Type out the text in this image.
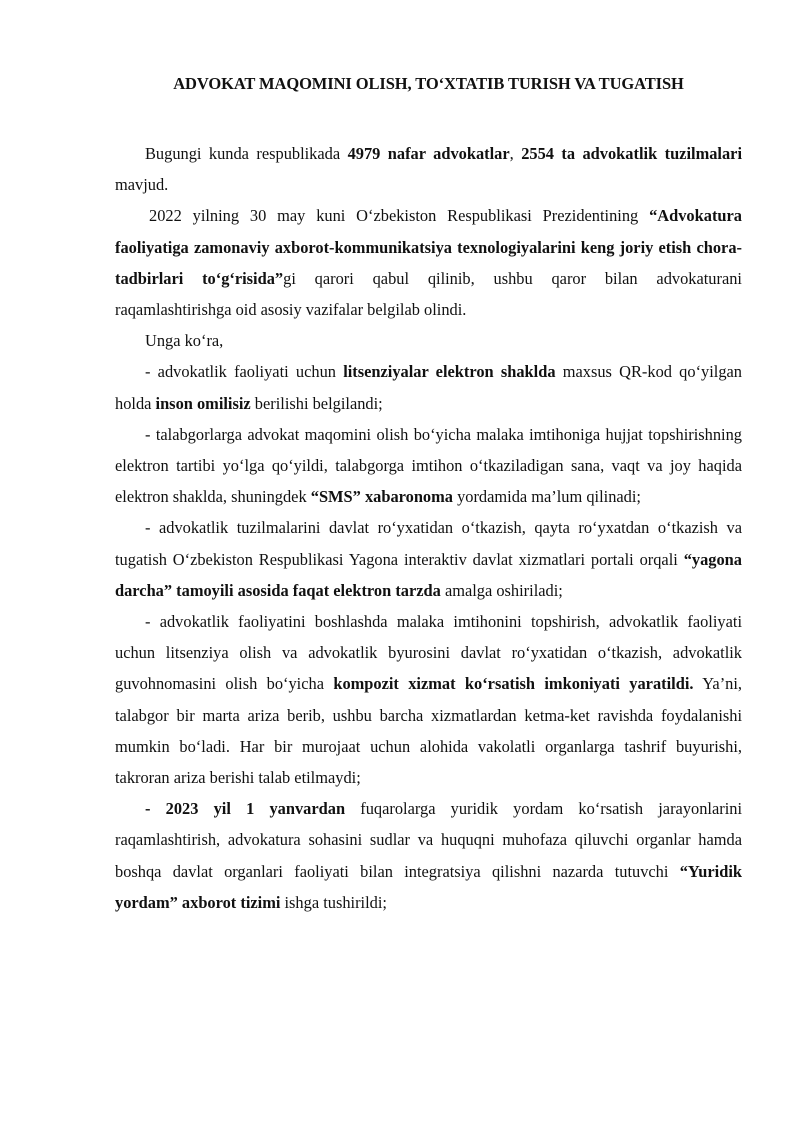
ADVOKAT MAQOMINI OLISH, TO‘XTATIB TURISH VA TUGATISH

Bugungi kunda respublikada 4979 nafar advokatlar, 2554 ta advokatlik tuzilmalari mavjud.

2022 yilning 30 may kuni O‘zbekiston Respublikasi Prezidentining “Advokatura faoliyatiga zamonaviy axborot-kommunikatsiya texnologiyalarini keng joriy etish chora-tadbirlari to‘g‘risida”gi qarori qabul qilinib, ushbu qaror bilan advokaturani raqamlashtirishga oid asosiy vazifalar belgilab olindi.

Unga ko‘ra,

- advokatlik faoliyati uchun litsenziyalar elektron shaklda maxsus QR-kod qo‘yilgan holda inson omilisiz berilishi belgilandi;

- talabgorlarga advokat maqomini olish bo‘yicha malaka imtihoniga hujjat topshirishning elektron tartibi yo‘lga qo‘yildi, talabgorga imtihon o‘tkaziladigan sana, vaqt va joy haqida elektron shaklda, shuningdek “SMS” xabaronoma yordamida ma’lum qilinadi;

- advokatlik tuzilmalarini davlat ro‘yxatidan o‘tkazish, qayta ro‘yxatdan o‘tkazish va tugatish O‘zbekiston Respublikasi Yagona interaktiv davlat xizmatlari portali orqali “yagona darcha” tamoyili asosida faqat elektron tarzda amalga oshiriladi;

- advokatlik faoliyatini boshlashda malaka imtihonini topshirish, advokatlik faoliyati uchun litsenziya olish va advokatlik byurosini davlat ro‘yxatidan o‘tkazish, advokatlik guvohnomasini olish bo‘yicha kompozit xizmat ko‘rsatish imkoniyati yaratildi. Ya’ni, talabgor bir marta ariza berib, ushbu barcha xizmatlardan ketma-ket ravishda foydalanishi mumkin bo‘ladi. Har bir murojaat uchun alohida vakolatli organlarga tashrif buyurishi, takroran ariza berishi talab etilmaydi;

- 2023 yil 1 yanvardan fuqarolarga yuridik yordam ko‘rsatish jarayonlarini raqamlashtirish, advokatura sohasini sudlar va huquqni muhofaza qiluvchi organlar hamda boshqa davlat organlari faoliyati bilan integratsiya qilishni nazarda tutuvchi “Yuridik yordam” axborot tizimi ishga tushirildi;
